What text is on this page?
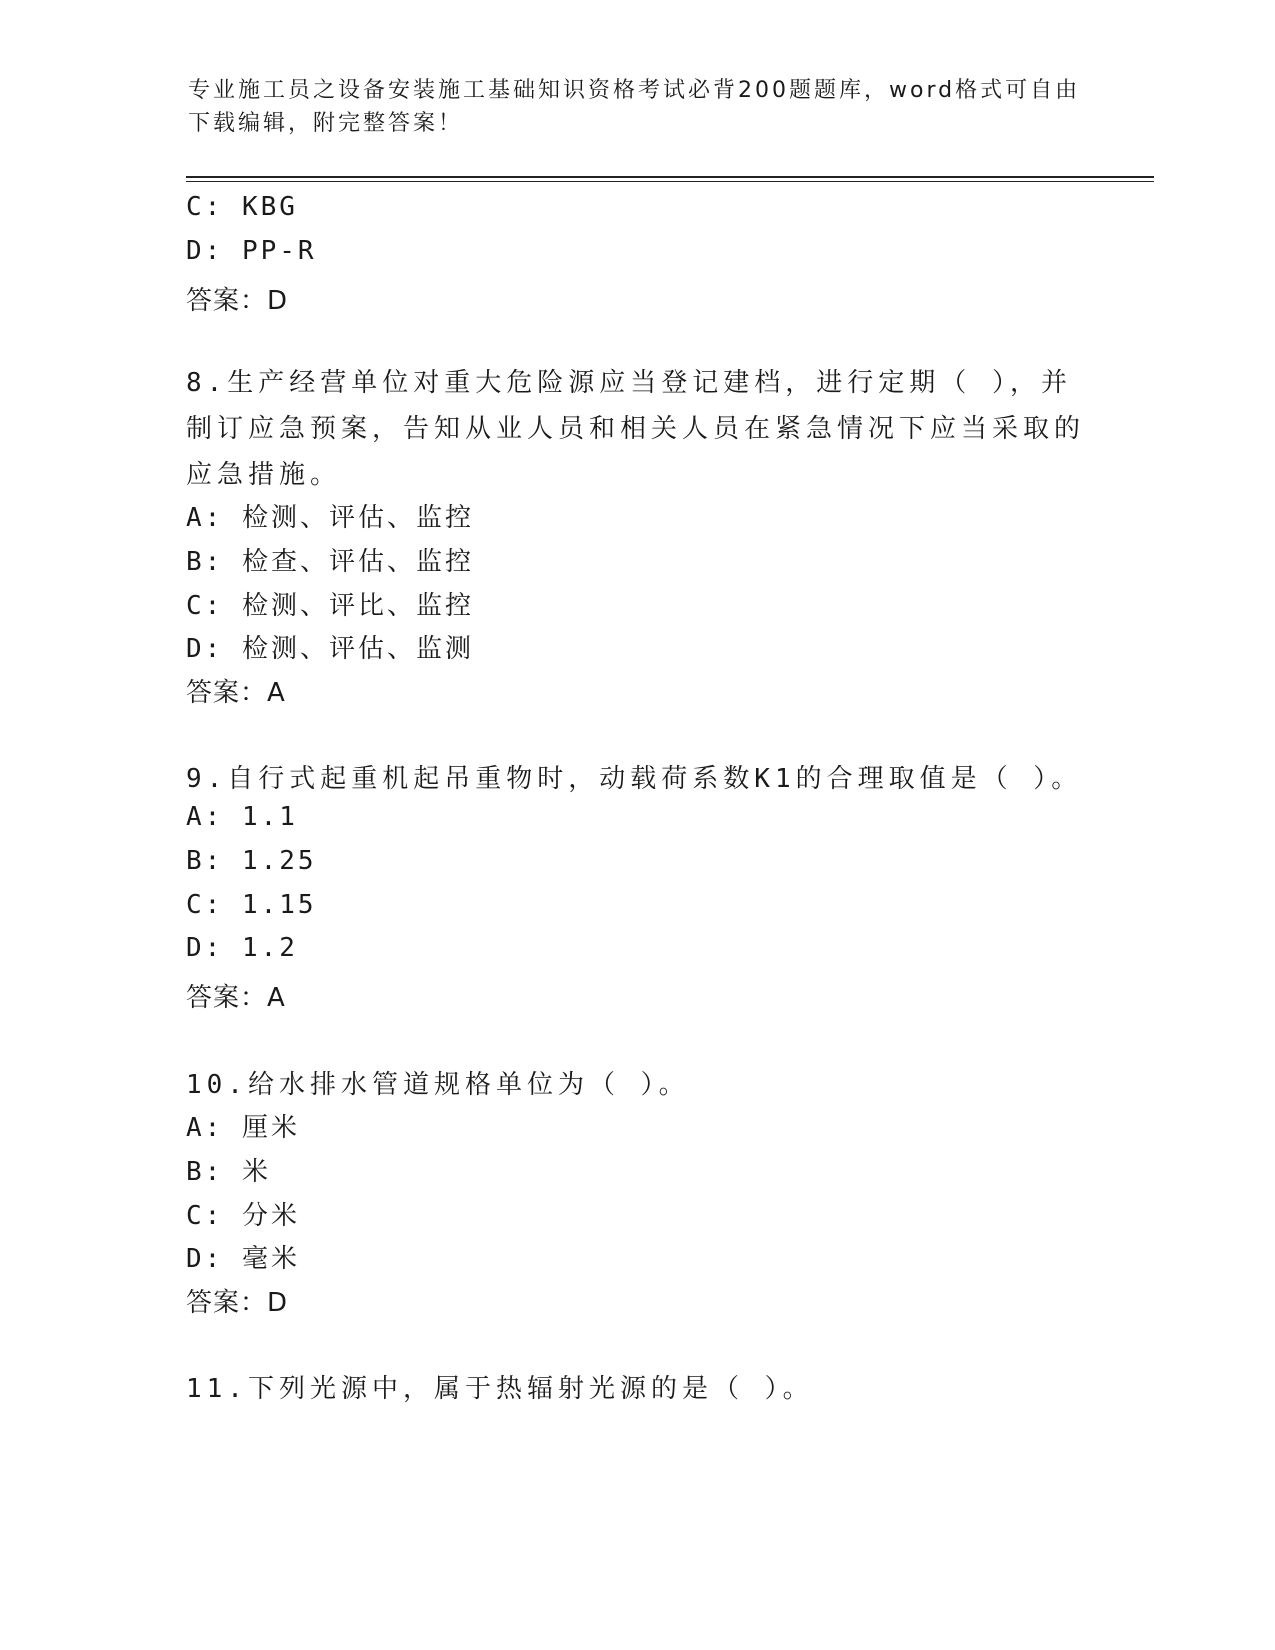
专业施工员之设备安装施工基础知识资格考试必背200题题库，word格式可自由
下载编辑，附完整答案！
C: KBG
D: PP-R
答案：D
8.生产经营单位对重大危险源应当登记建档，进行定期（ ），并制订应急预案，告知从业人员和相关人员在紧急情况下应当采取的应急措施。
A: 检测、评估、监控
B: 检查、评估、监控
C: 检测、评比、监控
D: 检测、评估、监测
答案：A
9.自行式起重机起吊重物时，动载荷系数K1的合理取值是（ ）。
A: 1.1
B: 1.25
C: 1.15
D: 1.2
答案：A
10.给水排水管道规格单位为（ ）。
A: 厘米
B: 米
C: 分米
D: 毫米
答案：D
11.下列光源中，属于热辐射光源的是（ ）。
